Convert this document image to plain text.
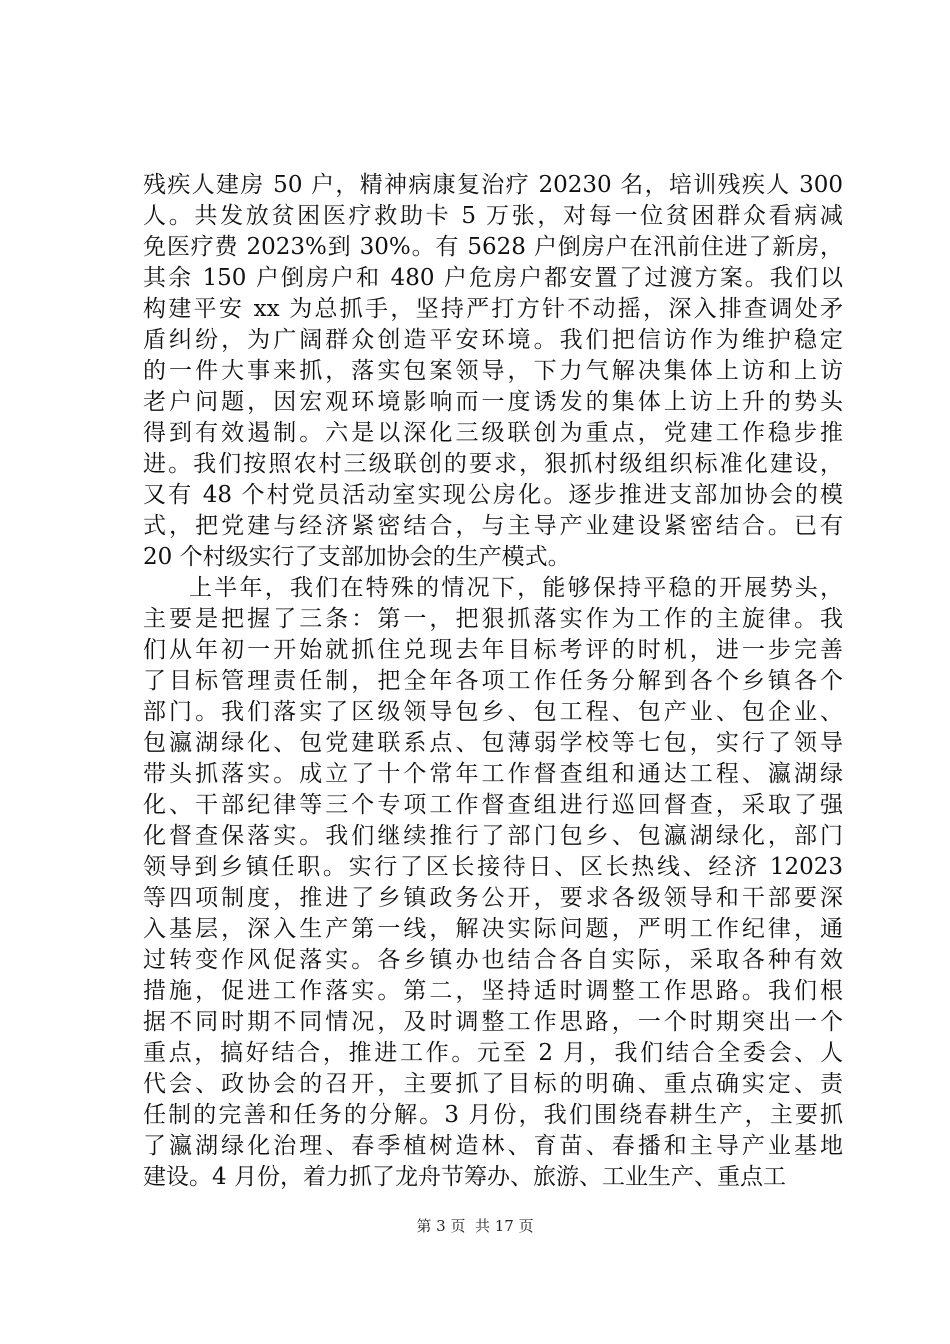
残疾人建房 50 户，精神病康复治疗 20230 名，培训残疾人 300
人。共发放贫困医疗救助卡 5 万张，对每一位贫困群众看病减
免医疗费 2023%到 30%。有 5628 户倒房户在汛前住进了新房，
其余 150 户倒房户和 480 户危房户都安置了过渡方案。我们以
构建平安 xx 为总抓手，坚持严打方针不动摇，深入排查调处矛
盾纠纷，为广阔群众创造平安环境。我们把信访作为维护稳定
的一件大事来抓，落实包案领导，下力气解决集体上访和上访
老户问题，因宏观环境影响而一度诱发的集体上访上升的势头
得到有效遏制。六是以深化三级联创为重点，党建工作稳步推
进。我们按照农村三级联创的要求，狠抓村级组织标准化建设，
又有 48 个村党员活动室实现公房化。逐步推进支部加协会的模
式，把党建与经济紧密结合，与主导产业建设紧密结合。已有
20 个村级实行了支部加协会的生产模式。
上半年，我们在特殊的情况下，能够保持平稳的开展势头，
主要是把握了三条：第一，把狠抓落实作为工作的主旋律。我
们从年初一开始就抓住兑现去年目标考评的时机，进一步完善
了目标管理责任制，把全年各项工作任务分解到各个乡镇各个
部门。我们落实了区级领导包乡、包工程、包产业、包企业、
包瀛湖绿化、包党建联系点、包薄弱学校等七包，实行了领导
带头抓落实。成立了十个常年工作督查组和通达工程、瀛湖绿
化、干部纪律等三个专项工作督查组进行巡回督查，采取了强
化督查保落实。我们继续推行了部门包乡、包瀛湖绿化，部门
领导到乡镇任职。实行了区长接待日、区长热线、经济 12023
等四项制度，推进了乡镇政务公开，要求各级领导和干部要深
入基层，深入生产第一线，解决实际问题，严明工作纪律，通
过转变作风促落实。各乡镇办也结合各自实际，采取各种有效
措施，促进工作落实。第二，坚持适时调整工作思路。我们根
据不同时期不同情况，及时调整工作思路，一个时期突出一个
重点，搞好结合，推进工作。元至 2 月，我们结合全委会、人
代会、政协会的召开，主要抓了目标的明确、重点确实定、责
任制的完善和任务的分解。3 月份，我们围绕春耕生产，主要抓
了瀛湖绿化治理、春季植树造林、育苗、春播和主导产业基地
建设。4 月份，着力抓了龙舟节筹办、旅游、工业生产、重点工
第 3 页  共 17 页
